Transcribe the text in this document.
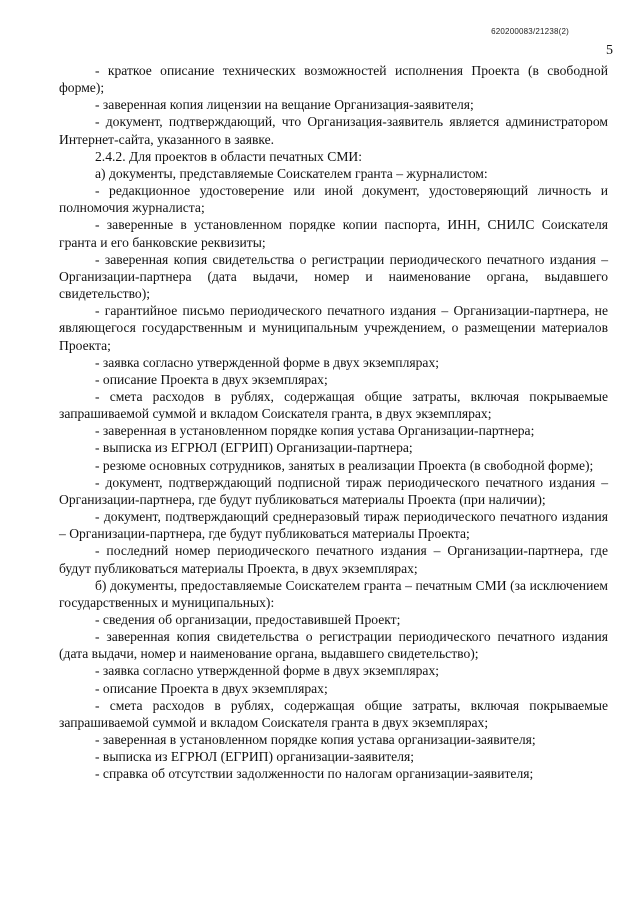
620200083/21238(2)
5

- краткое описание технических возможностей исполнения Проекта (в свободной форме);

- заверенная копия лицензии на вещание Организация-заявителя;

- документ, подтверждающий, что Организация-заявитель является администратором Интернет-сайта, указанного в заявке.

2.4.2. Для проектов в области печатных СМИ:

а) документы, представляемые Соискателем гранта – журналистом:

- редакционное удостоверение или иной документ, удостоверяющий личность и полномочия журналиста;

- заверенные в установленном порядке копии паспорта, ИНН, СНИЛС Соискателя гранта и его банковские реквизиты;

- заверенная копия свидетельства о регистрации периодического печатного издания – Организации-партнера (дата выдачи, номер и наименование органа, выдавшего свидетельство);

- гарантийное письмо периодического печатного издания – Организации-партнера, не являющегося государственным и муниципальным учреждением, о размещении материалов Проекта;

- заявка согласно утвержденной форме в двух экземплярах;

- описание Проекта в двух экземплярах;

- смета расходов в рублях, содержащая общие затраты, включая покрываемые запрашиваемой суммой и вкладом Соискателя гранта, в двух экземплярах;

- заверенная в установленном порядке копия устава Организации-партнера;

- выписка из ЕГРЮЛ (ЕГРИП) Организации-партнера;

- резюме основных сотрудников, занятых в реализации Проекта (в свободной форме);

- документ, подтверждающий подписной тираж периодического печатного издания – Организации-партнера, где будут публиковаться материалы Проекта (при наличии);

- документ, подтверждающий среднеразовый тираж периодического печатного издания – Организации-партнера, где будут публиковаться материалы Проекта;

- последний номер периодического печатного издания – Организации-партнера, где будут публиковаться материалы Проекта, в двух экземплярах;

б) документы, предоставляемые Соискателем гранта – печатным СМИ (за исключением государственных и муниципальных):

- сведения об организации, предоставившей Проект;

- заверенная копия свидетельства о регистрации периодического печатного издания (дата выдачи, номер и наименование органа, выдавшего свидетельство);

- заявка согласно утвержденной форме в двух экземплярах;

- описание Проекта в двух экземплярах;

- смета расходов в рублях, содержащая общие затраты, включая покрываемые запрашиваемой суммой и вкладом Соискателя гранта в двух экземплярах;

- заверенная в установленном порядке копия устава организации-заявителя;

- выписка из ЕГРЮЛ (ЕГРИП) организации-заявителя;

- справка об отсутствии задолженности по налогам организации-заявителя;
